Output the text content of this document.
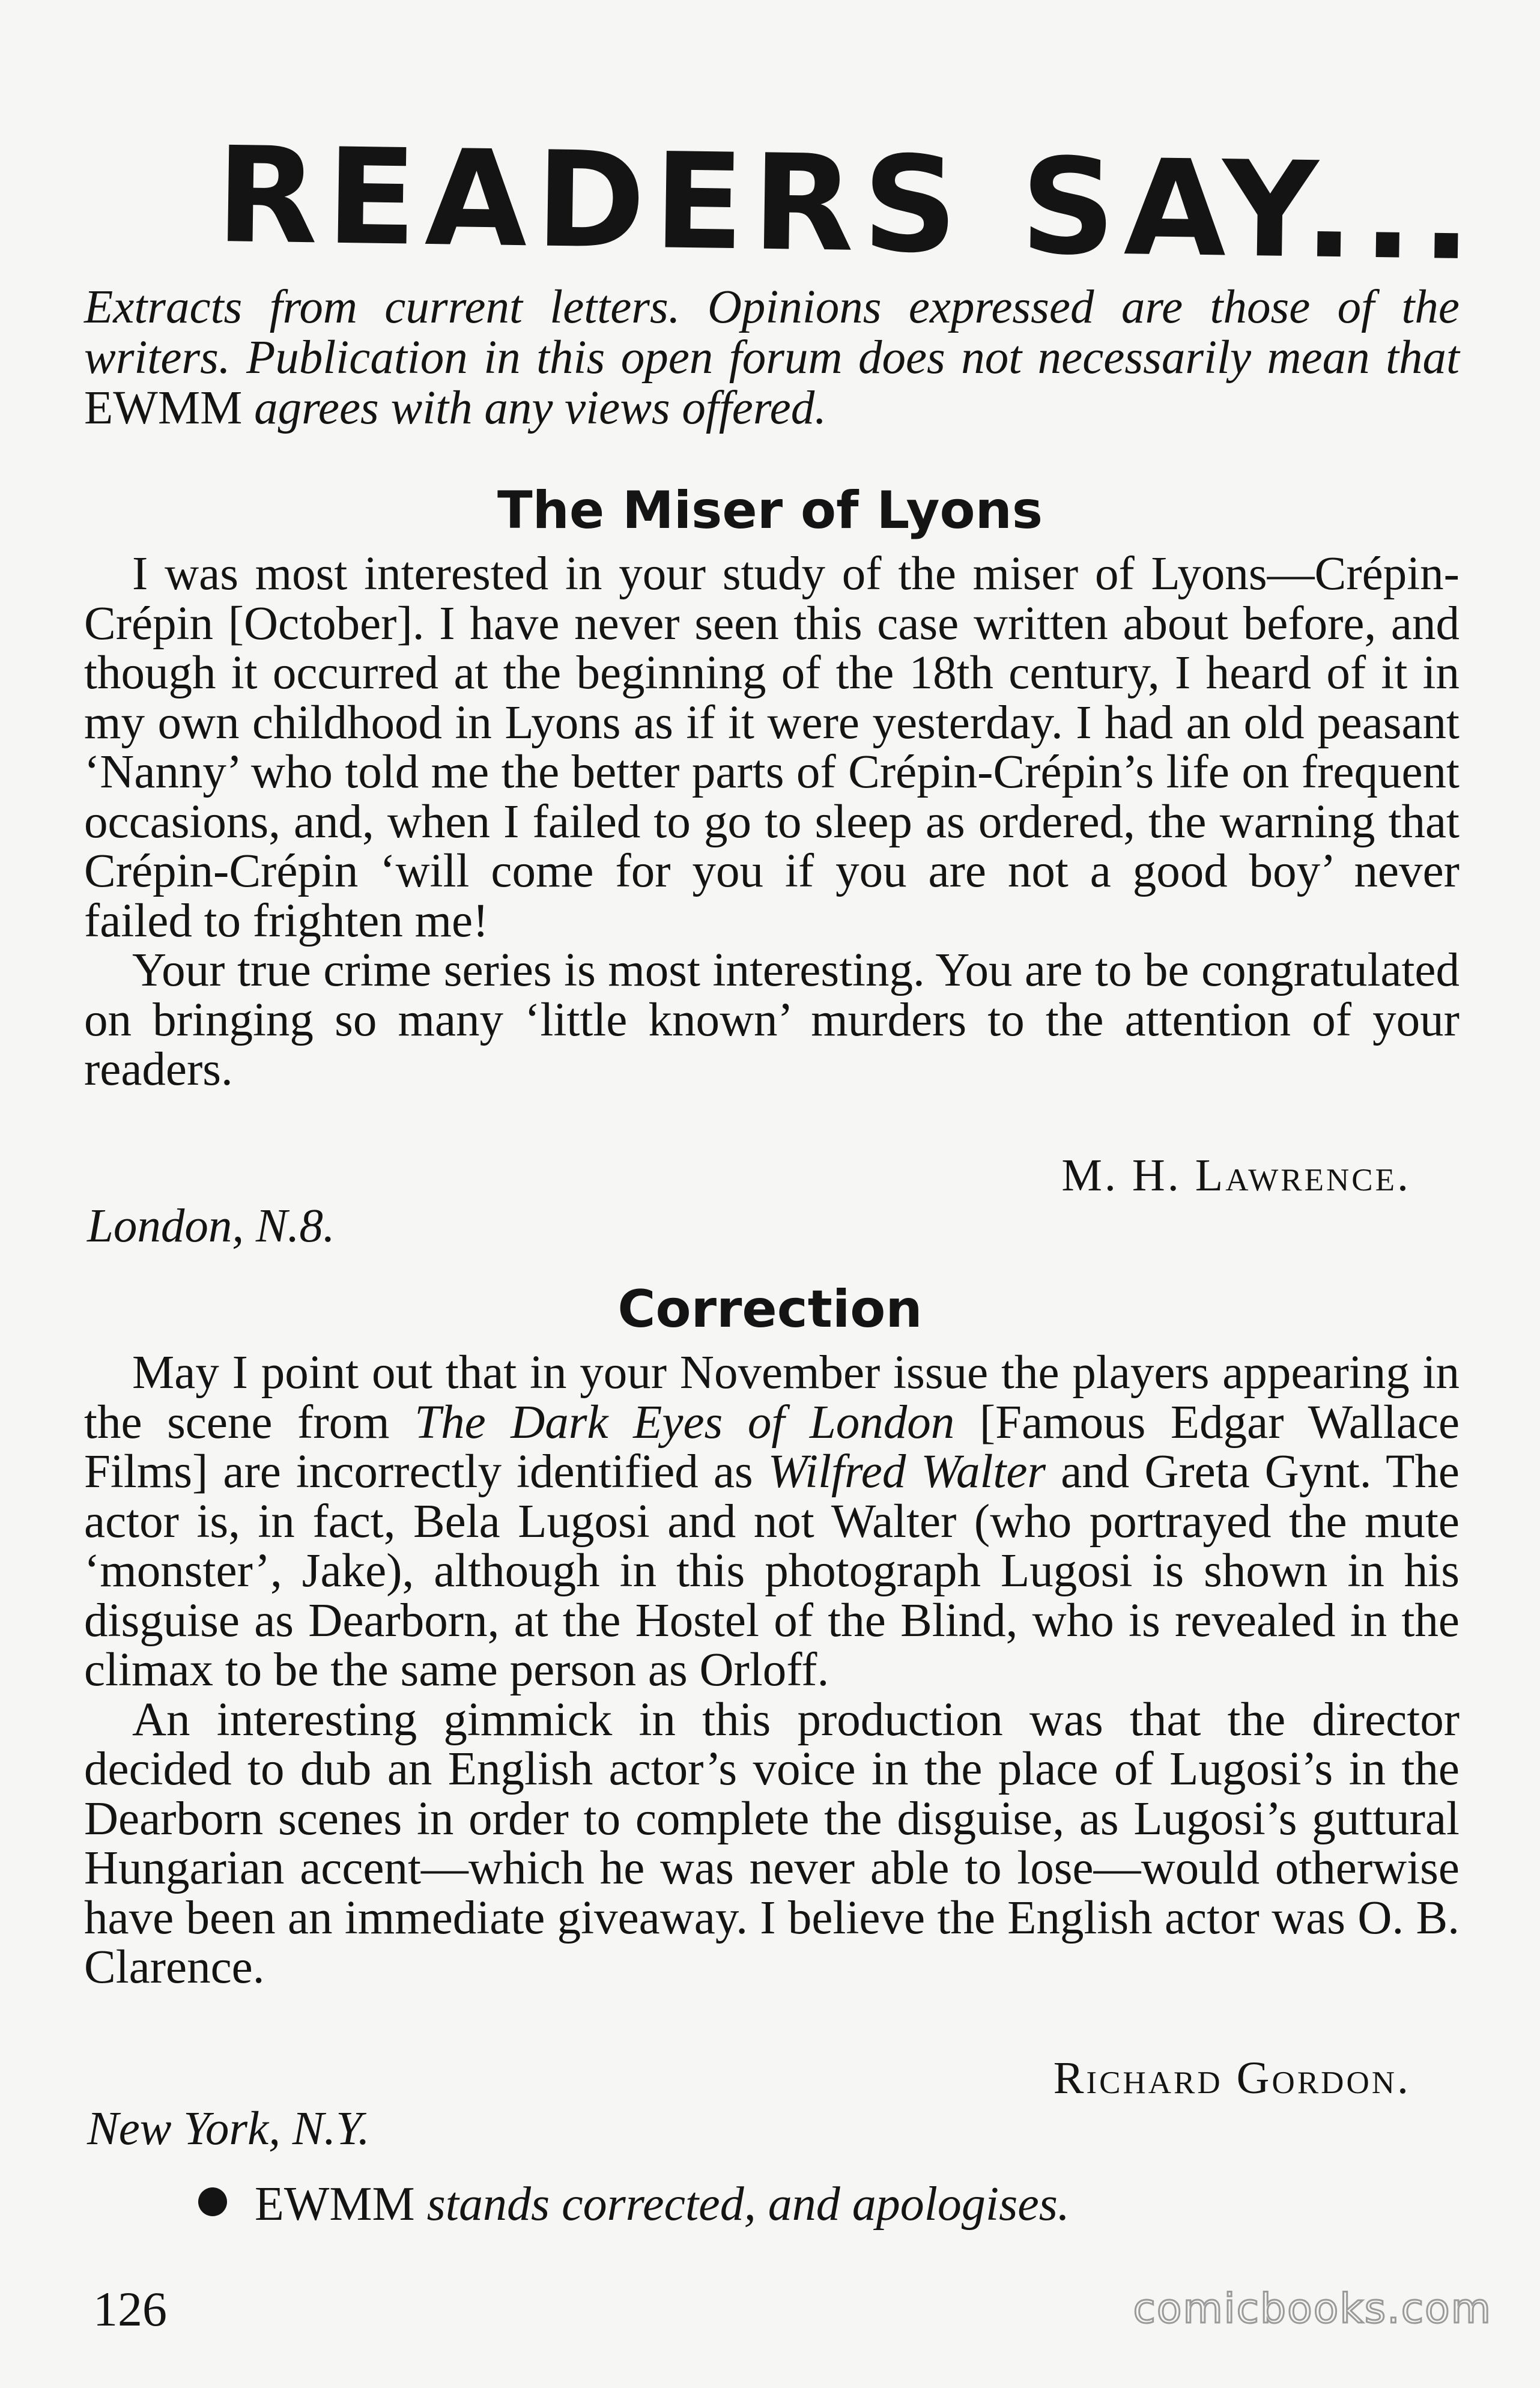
READERS SAY...
Extracts from current letters. Opinions expressed are those of the writers. Publication in this open forum does not necessarily mean that EWMM agrees with any views offered.
The Miser of Lyons

I was most interested in your study of the miser of Lyons—Crépin-Crépin [October]. I have never seen this case written about before, and though it occurred at the beginning of the 18th century, I heard of it in my own childhood in Lyons as if it were yesterday. I had an old peasant ‘Nanny’ who told me the better parts of Crépin-Crépin’s life on frequent occasions, and, when I failed to go to sleep as ordered, the warning that Crépin-Crépin ‘will come for you if you are not a good boy’ never failed to frighten me!

Your true crime series is most interesting. You are to be congratulated on bringing so many ‘little known’ murders to the attention of your readers.

M. H. Lawrence.
London, N.8.
Correction

May I point out that in your November issue the players appearing in the scene from The Dark Eyes of London [Famous Edgar Wallace Films] are incorrectly identified as Wilfred Walter and Greta Gynt. The actor is, in fact, Bela Lugosi and not Walter (who portrayed the mute ‘monster’, Jake), although in this photograph Lugosi is shown in his disguise as Dearborn, at the Hostel of the Blind, who is revealed in the climax to be the same person as Orloff.

An interesting gimmick in this production was that the director decided to dub an English actor’s voice in the place of Lugosi’s in the Dearborn scenes in order to complete the disguise, as Lugosi’s guttural Hungarian accent—which he was never able to lose—would otherwise have been an immediate giveaway. I believe the English actor was O. B. Clarence.

Richard Gordon.
New York, N.Y.
EWMM stands corrected, and apologises.
126	comicbooks.com
